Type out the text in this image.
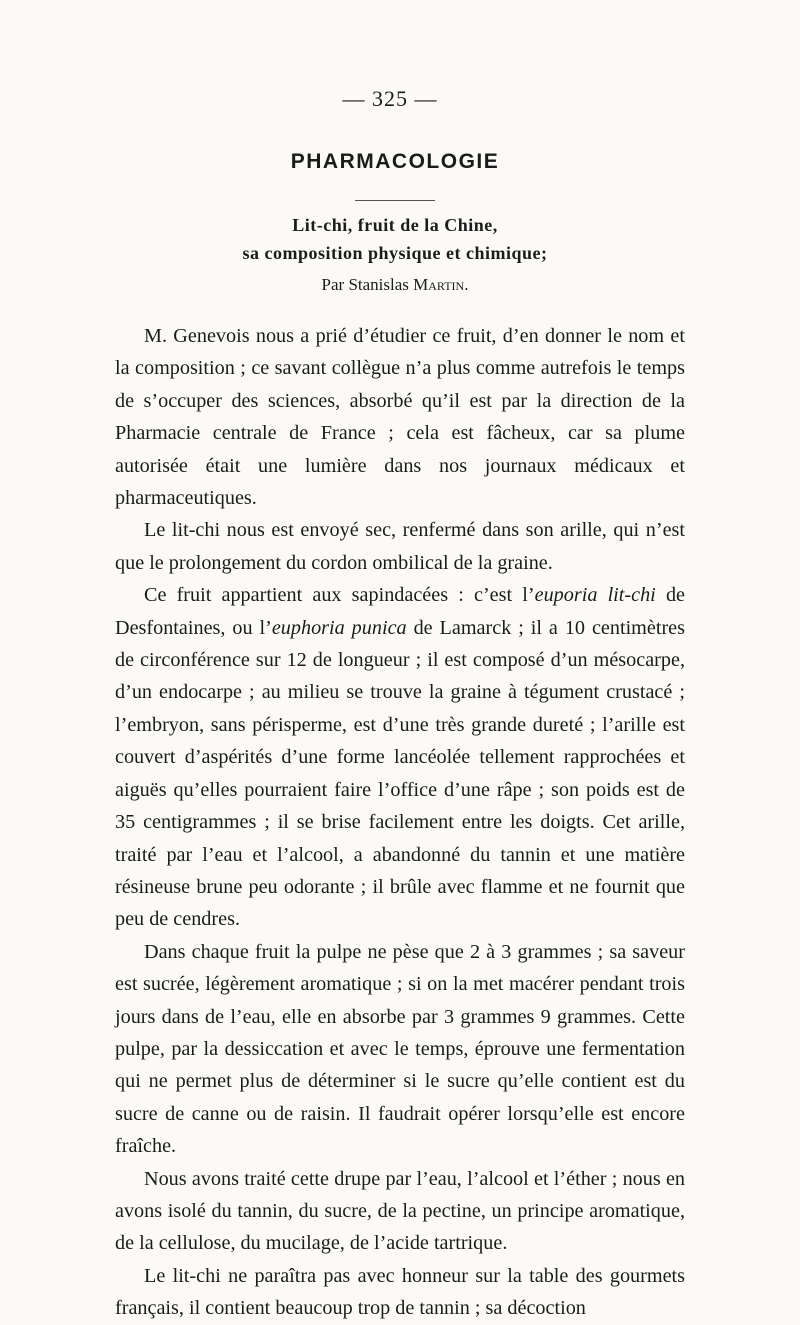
— 325 —
PHARMACOLOGIE
Lit-chi, fruit de la Chine,
sa composition physique et chimique;
Par Stanislas Martin.

M. Genevois nous a prié d’étudier ce fruit, d’en donner le nom et la composition ; ce savant collègue n’a plus comme autrefois le temps de s’occuper des sciences, absorbé qu’il est par la direction de la Pharmacie centrale de France ; cela est fâcheux, car sa plume autorisée était une lumière dans nos journaux médicaux et pharmaceutiques.

Le lit-chi nous est envoyé sec, renfermé dans son arille, qui n’est que le prolongement du cordon ombilical de la graine.

Ce fruit appartient aux sapindacées : c’est l’euporia lit-chi de Desfontaines, ou l’euphoria punica de Lamarck ; il a 10 centimètres de circonférence sur 12 de longueur ; il est composé d’un mésocarpe, d’un endocarpe ; au milieu se trouve la graine à tégument crustacé ; l’embryon, sans périsperme, est d’une très grande dureté ; l’arille est couvert d’aspérités d’une forme lancéolée tellement rapprochées et aiguës qu’elles pourraient faire l’office d’une râpe ; son poids est de 35 centigrammes ; il se brise facilement entre les doigts. Cet arille, traité par l’eau et l’alcool, a abandonné du tannin et une matière résineuse brune peu odorante ; il brûle avec flamme et ne fournit que peu de cendres.

Dans chaque fruit la pulpe ne pèse que 2 à 3 grammes ; sa saveur est sucrée, légèrement aromatique ; si on la met macérer pendant trois jours dans de l’eau, elle en absorbe par 3 grammes 9 grammes. Cette pulpe, par la dessiccation et avec le temps, éprouve une fermentation qui ne permet plus de déterminer si le sucre qu’elle contient est du sucre de canne ou de raisin. Il faudrait opérer lorsqu’elle est encore fraîche.

Nous avons traité cette drupe par l’eau, l’alcool et l’éther ; nous en avons isolé du tannin, du sucre, de la pectine, un principe aromatique, de la cellulose, du mucilage, de l’acide tartrique.

Le lit-chi ne paraîtra pas avec honneur sur la table des gourmets français, il contient beaucoup trop de tannin ; sa décoction
